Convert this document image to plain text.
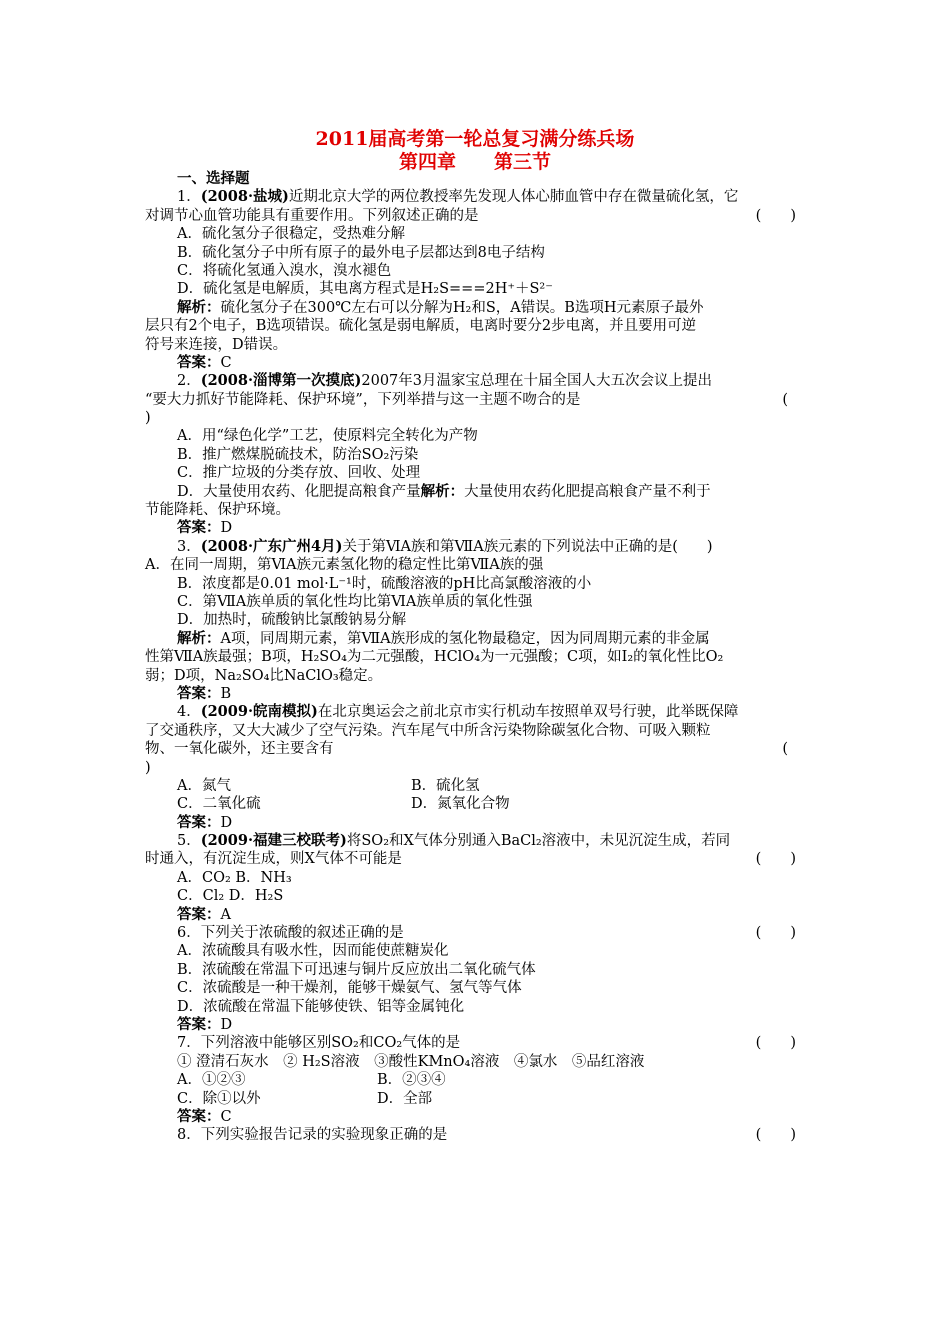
2011届高考第一轮总复习满分练兵场
第四章　　第三节
一、选择题
1．(2008·盐城)近期北京大学的两位教授率先发现人体心肺血管中存在微量硫化氢，它
对调节心血管功能具有重要作用。下列叙述正确的是	(　　)
A．硫化氢分子很稳定，受热难分解
B．硫化氢分子中所有原子的最外电子层都达到8电子结构
C．将硫化氢通入溴水，溴水褪色
D．硫化氢是电解质，其电离方程式是H₂S===2H⁺＋S²⁻
解析：硫化氢分子在300℃左右可以分解为H₂和S，A错误。B选项H元素原子最外
层只有2个电子，B选项错误。硫化氢是弱电解质，电离时要分2步电离，并且要用可逆
符号来连接，D错误。
答案：C
2．(2008·淄博第一次摸底)2007年3月温家宝总理在十届全国人大五次会议上提出
“要大力抓好节能降耗、保护环境”，下列举措与这一主题不吻合的是	(
)
A．用“绿色化学”工艺，使原料完全转化为产物
B．推广燃煤脱硫技术，防治SO₂污染
C．推广垃圾的分类存放、回收、处理
D．大量使用农药、化肥提高粮食产量解析：大量使用农药化肥提高粮食产量不利于
节能降耗、保护环境。
答案：D
3．(2008·广东广州4月)关于第ⅥA族和第ⅦA族元素的下列说法中正确的是(　　)
A．在同一周期，第ⅥA族元素氢化物的稳定性比第ⅦA族的强
B．浓度都是0.01 mol·L⁻¹时，硫酸溶液的pH比高氯酸溶液的小
C．第ⅦA族单质的氧化性均比第ⅥA族单质的氧化性强
D．加热时，硫酸钠比氯酸钠易分解
解析：A项，同周期元素，第ⅦA族形成的氢化物最稳定，因为同周期元素的非金属
性第ⅦA族最强；B项，H₂SO₄为二元强酸，HClO₄为一元强酸；C项，如I₂的氧化性比O₂
弱；D项，Na₂SO₄比NaClO₃稳定。
答案：B
4．(2009·皖南模拟)在北京奥运会之前北京市实行机动车按照单双号行驶，此举既保障
了交通秩序，又大大减少了空气污染。汽车尾气中所含污染物除碳氢化合物、可吸入颗粒
物、一氧化碳外，还主要含有	(
)
A．氮气	B．硫化氢
C．二氧化硫	D．氮氧化合物
答案：D
5．(2009·福建三校联考)将SO₂和X气体分别通入BaCl₂溶液中，未见沉淀生成，若同
时通入，有沉淀生成，则X气体不可能是	(　　)
A．CO₂ B．NH₃
C．Cl₂ D．H₂S
答案：A
6．下列关于浓硫酸的叙述正确的是	(　　)
A．浓硫酸具有吸水性，因而能使蔗糖炭化
B．浓硫酸在常温下可迅速与铜片反应放出二氧化硫气体
C．浓硫酸是一种干燥剂，能够干燥氨气、氢气等气体
D．浓硫酸在常温下能够使铁、铝等金属钝化
答案：D
7．下列溶液中能够区别SO₂和CO₂气体的是	(　　)
① 澄清石灰水　② H₂S溶液　③酸性KMnO₄溶液　④氯水　⑤品红溶液
A．①②③	B．②③④
C．除①以外	D．全部
答案：C
8．下列实验报告记录的实验现象正确的是	(　　)
